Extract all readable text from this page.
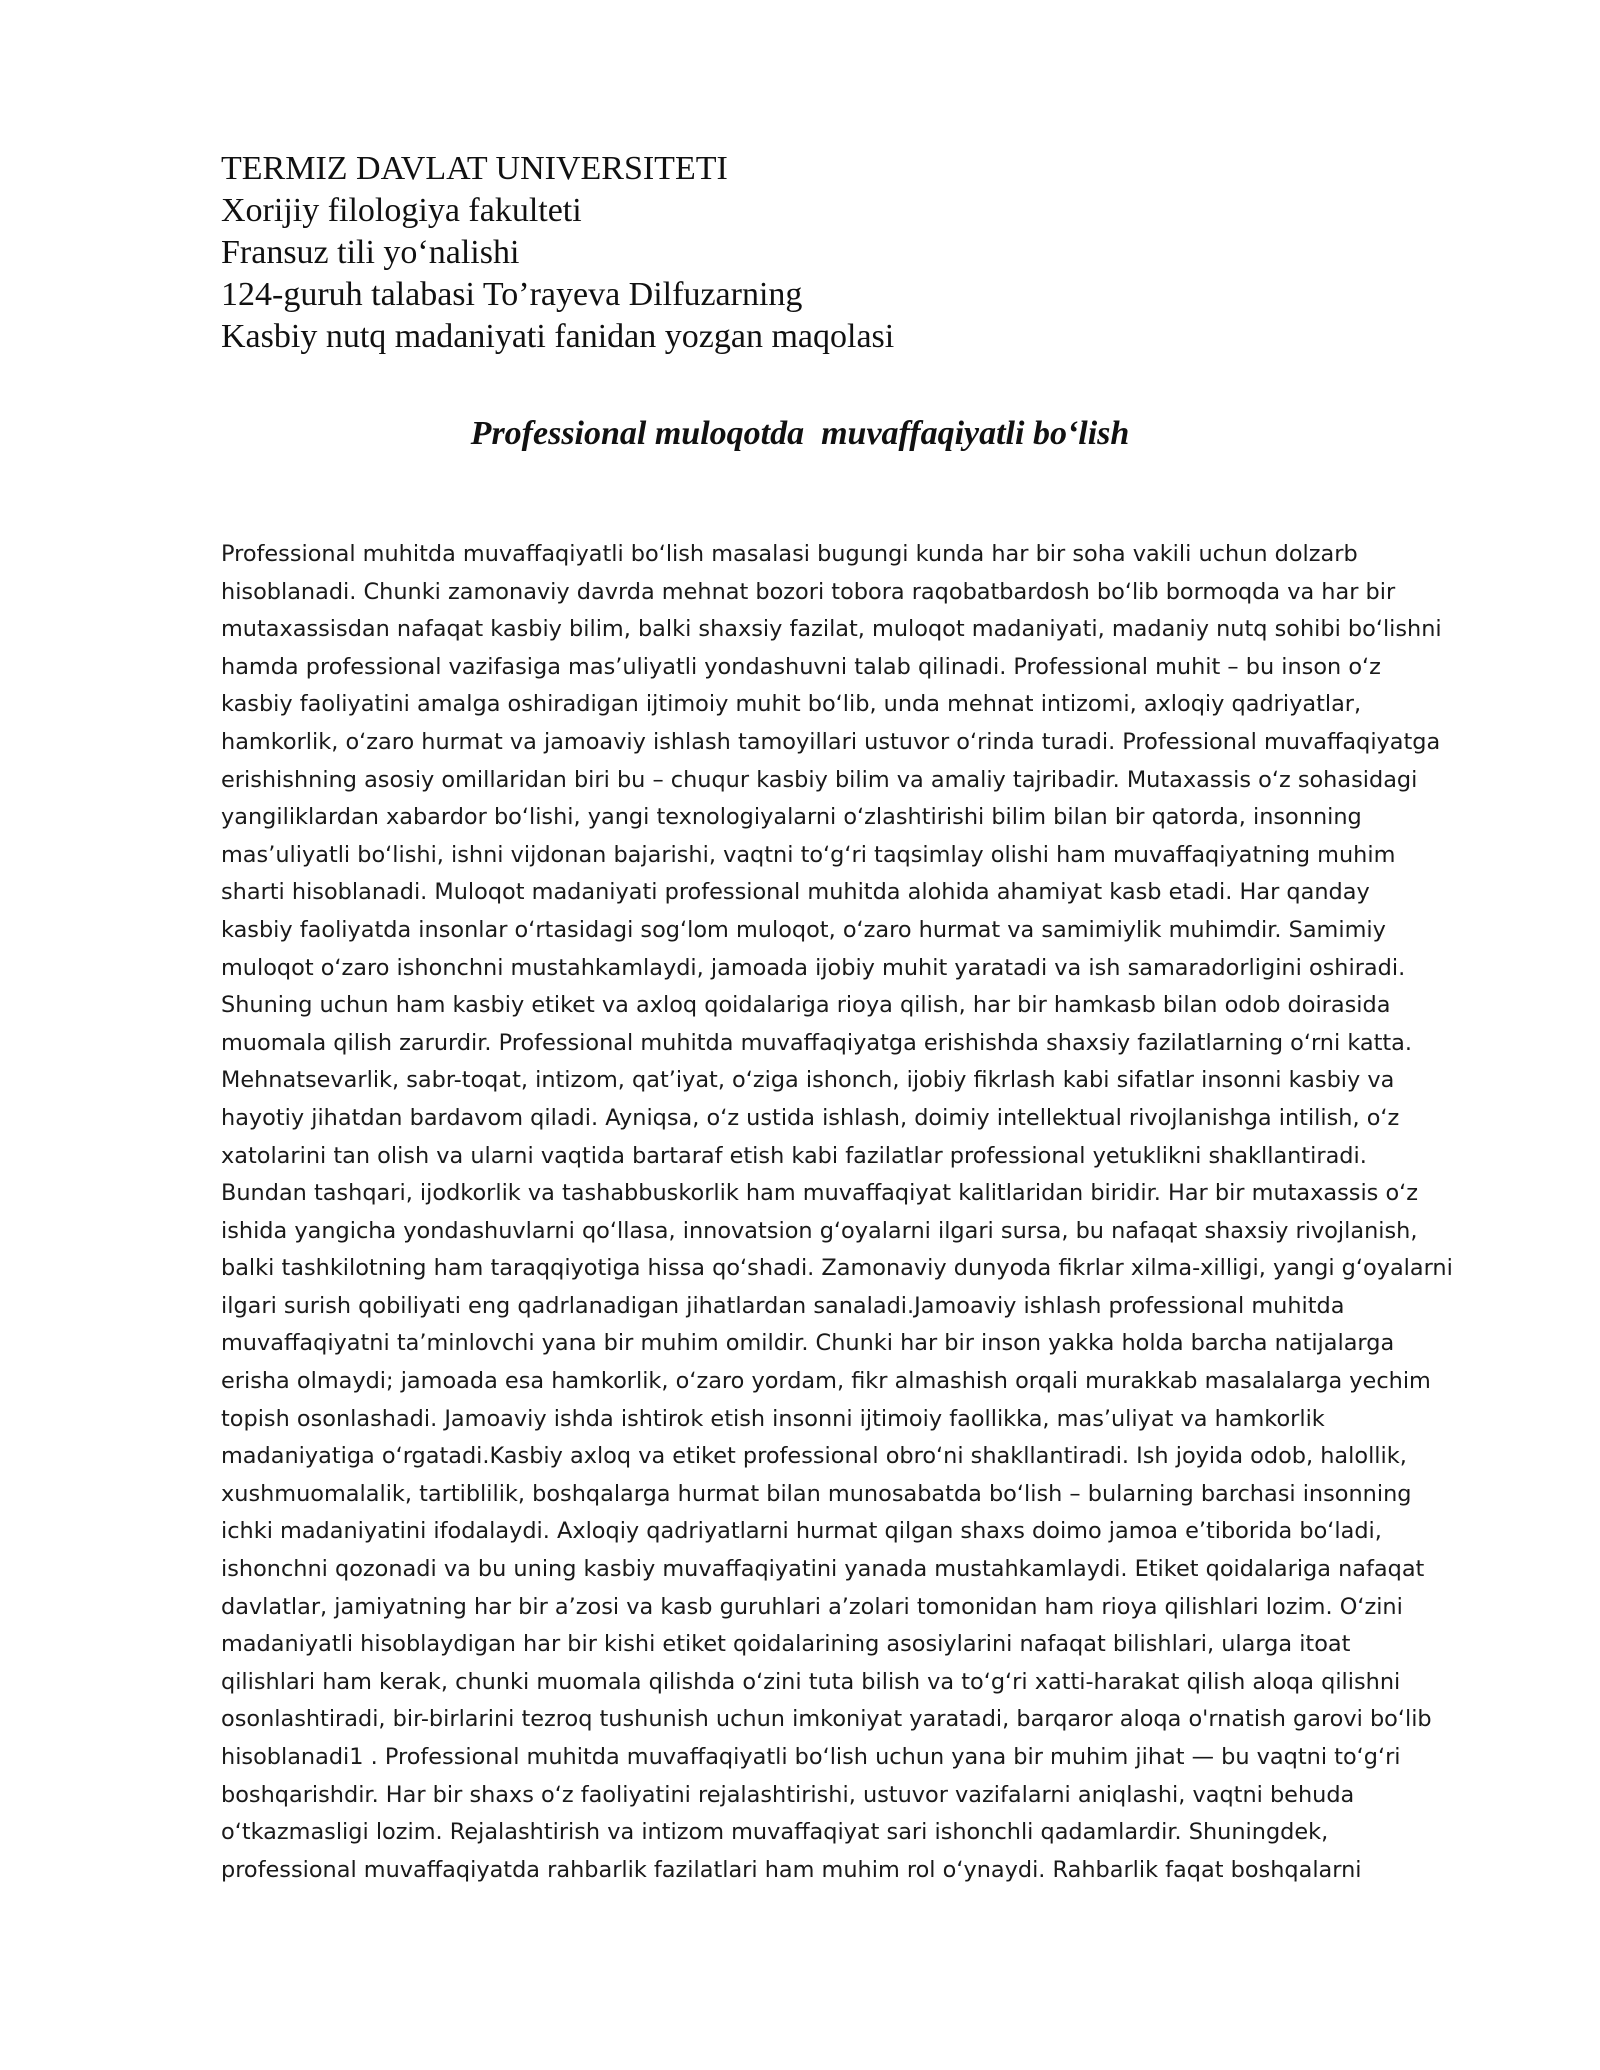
TERMIZ DAVLAT UNIVERSITETI
Xorijiy filologiya fakulteti
Fransuz tili yoʻnalishi
124-guruh talabasi To’rayeva Dilfuzarning
Kasbiy nutq madaniyati fanidan yozgan maqolasi
Professional muloqotda  muvaffaqiyatli boʻlish
Professional muhitda muvaffaqiyatli boʻlish masalasi bugungi kunda har bir soha vakili uchun dolzarb
hisoblanadi. Chunki zamonaviy davrda mehnat bozori tobora raqobatbardosh boʻlib bormoqda va har bir
mutaxassisdan nafaqat kasbiy bilim, balki shaxsiy fazilat, muloqot madaniyati, madaniy nutq sohibi boʻlishni
hamda professional vazifasiga mas’uliyatli yondashuvni talab qilinadi. Professional muhit – bu inson oʻz
kasbiy faoliyatini amalga oshiradigan ijtimoiy muhit boʻlib, unda mehnat intizomi, axloqiy qadriyatlar,
hamkorlik, oʻzaro hurmat va jamoaviy ishlash tamoyillari ustuvor oʻrinda turadi. Professional muvaffaqiyatga
erishishning asosiy omillaridan biri bu – chuqur kasbiy bilim va amaliy tajribadir. Mutaxassis oʻz sohasidagi
yangiliklardan xabardor boʻlishi, yangi texnologiyalarni oʻzlashtirishi bilim bilan bir qatorda, insonning
mas’uliyatli boʻlishi, ishni vijdonan bajarishi, vaqtni toʻgʻri taqsimlay olishi ham muvaffaqiyatning muhim
sharti hisoblanadi. Muloqot madaniyati professional muhitda alohida ahamiyat kasb etadi. Har qanday
kasbiy faoliyatda insonlar oʻrtasidagi sogʻlom muloqot, oʻzaro hurmat va samimiylik muhimdir. Samimiy
muloqot oʻzaro ishonchni mustahkamlaydi, jamoada ijobiy muhit yaratadi va ish samaradorligini oshiradi.
Shuning uchun ham kasbiy etiket va axloq qoidalariga rioya qilish, har bir hamkasb bilan odob doirasida
muomala qilish zarurdir. Professional muhitda muvaffaqiyatga erishishda shaxsiy fazilatlarning oʻrni katta.
Mehnatsevarlik, sabr-toqat, intizom, qat’iyat, oʻziga ishonch, ijobiy fikrlash kabi sifatlar insonni kasbiy va
hayotiy jihatdan bardavom qiladi. Ayniqsa, oʻz ustida ishlash, doimiy intellektual rivojlanishga intilish, oʻz
xatolarini tan olish va ularni vaqtida bartaraf etish kabi fazilatlar professional yetuklikni shakllantiradi.
Bundan tashqari, ijodkorlik va tashabbuskorlik ham muvaffaqiyat kalitlaridan biridir. Har bir mutaxassis oʻz
ishida yangicha yondashuvlarni qoʻllasa, innovatsion gʻoyalarni ilgari sursa, bu nafaqat shaxsiy rivojlanish,
balki tashkilotning ham taraqqiyotiga hissa qoʻshadi. Zamonaviy dunyoda fikrlar xilma-xilligi, yangi gʻoyalarni
ilgari surish qobiliyati eng qadrlanadigan jihatlardan sanaladi.Jamoaviy ishlash professional muhitda
muvaffaqiyatni ta’minlovchi yana bir muhim omildir. Chunki har bir inson yakka holda barcha natijalarga
erisha olmaydi; jamoada esa hamkorlik, oʻzaro yordam, fikr almashish orqali murakkab masalalarga yechim
topish osonlashadi. Jamoaviy ishda ishtirok etish insonni ijtimoiy faollikka, mas’uliyat va hamkorlik
madaniyatiga oʻrgatadi.Kasbiy axloq va etiket professional obroʻni shakllantiradi. Ish joyida odob, halollik,
xushmuomalalik, tartiblilik, boshqalarga hurmat bilan munosabatda boʻlish – bularning barchasi insonning
ichki madaniyatini ifodalaydi. Axloqiy qadriyatlarni hurmat qilgan shaxs doimo jamoa e’tiborida boʻladi,
ishonchni qozonadi va bu uning kasbiy muvaffaqiyatini yanada mustahkamlaydi. Etiket qoidalariga nafaqat
davlatlar, jamiyatning har bir a’zosi va kasb guruhlari a’zolari tomonidan ham rioya qilishlari lozim. Oʻzini
madaniyatli hisoblaydigan har bir kishi etiket qoidalarining asosiylarini nafaqat bilishlari, ularga itoat
qilishlari ham kerak, chunki muomala qilishda oʻzini tuta bilish va toʻgʻri xatti-harakat qilish aloqa qilishni
osonlashtiradi, bir-birlarini tezroq tushunish uchun imkoniyat yaratadi, barqaror aloqa o'rnatish garovi boʻlib
hisoblanadi1 . Professional muhitda muvaffaqiyatli boʻlish uchun yana bir muhim jihat — bu vaqtni toʻgʻri
boshqarishdir. Har bir shaxs oʻz faoliyatini rejalashtirishi, ustuvor vazifalarni aniqlashi, vaqtni behuda
oʻtkazmasligi lozim. Rejalashtirish va intizom muvaffaqiyat sari ishonchli qadamlardir. Shuningdek,
professional muvaffaqiyatda rahbarlik fazilatlari ham muhim rol oʻynaydi. Rahbarlik faqat boshqalarni
